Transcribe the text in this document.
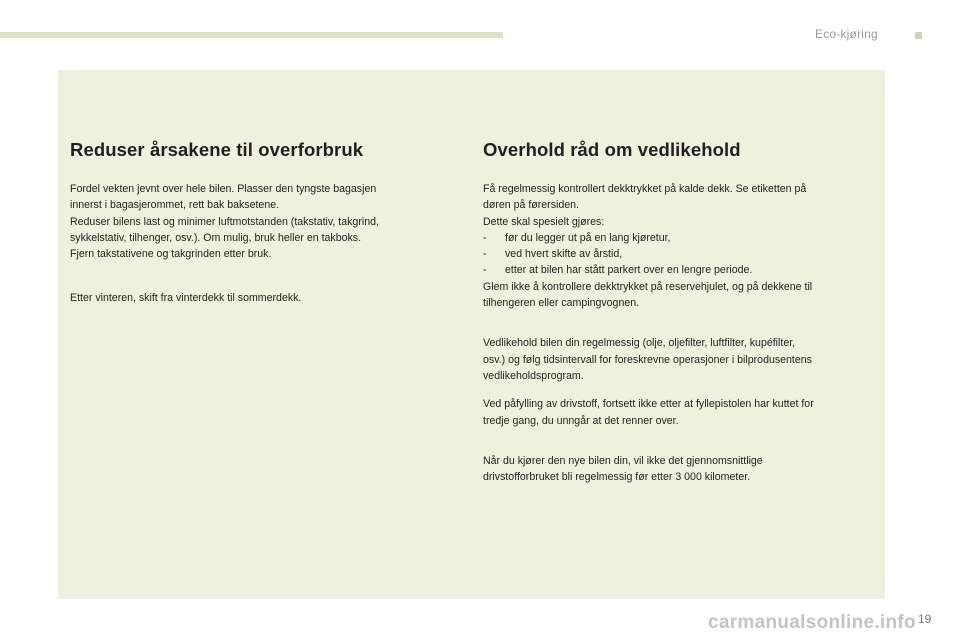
Eco-kjøring
Reduser årsakene til overforbruk

Fordel vekten jevnt over hele bilen. Plasser den tyngste bagasjen
innerst i bagasjerommet, rett bak baksetene.
Reduser bilens last og minimer luftmotstanden (takstativ, takgrind,
sykkelstativ, tilhenger, osv.). Om mulig, bruk heller en takboks.
Fjern takstativene og takgrinden etter bruk.

Etter vinteren, skift fra vinterdekk til sommerdekk.

Overhold råd om vedlikehold

Få regelmessig kontrollert dekktrykket på kalde dekk. Se etiketten på
døren på førersiden.
Dette skal spesielt gjøres:

-	før du legger ut på en lang kjøretur,

-	ved hvert skifte av årstid,

-	etter at bilen har stått parkert over en lengre periode.

Glem ikke å kontrollere dekktrykket på reservehjulet, og på dekkene til
tilhengeren eller campingvognen.

Vedlikehold bilen din regelmessig (olje, oljefilter, luftfilter, kupéfilter,
osv.) og følg tidsintervall for foreskrevne operasjoner i bilprodusentens
vedlikeholdsprogram.

Ved påfylling av drivstoff, fortsett ikke etter at fyllepistolen har kuttet for
tredje gang, du unngår at det renner over.

Når du kjører den nye bilen din, vil ikke det gjennomsnittlige
drivstofforbruket bli regelmessig før etter 3 000 kilometer.

carmanualsonline.info 19
